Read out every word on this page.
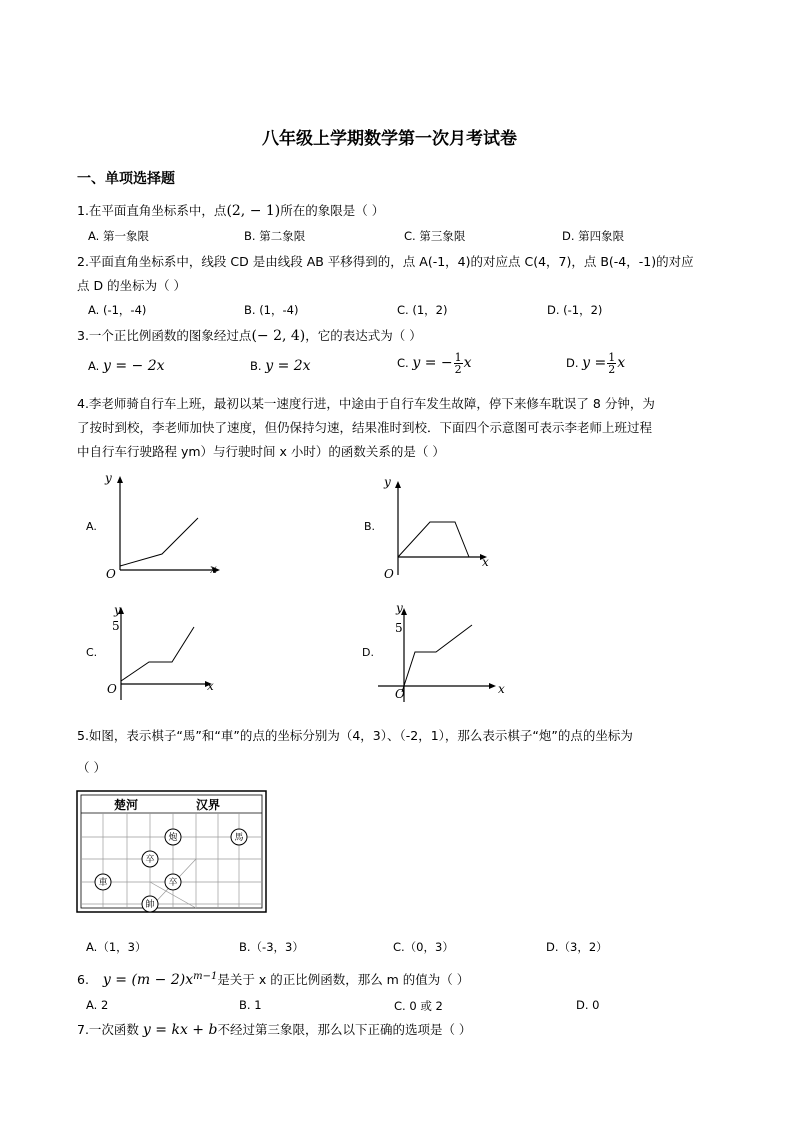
八年级上学期数学第一次月考试卷
一、单项选择题
1.在平面直角坐标系中，点(2, − 1)所在的象限是（ ）
A. 第一象限	B. 第二象限	C. 第三象限	D. 第四象限
2.平面直角坐标系中，线段 CD 是由线段 AB 平移得到的，点 A(-1，4)的对应点 C(4，7)，点 B(-4，-1)的对应
点 D 的坐标为（ ）
A. (-1，-4)	B. (1，-4)	C. (1，2)	D. (-1，2)
3.一个正比例函数的图象经过点(− 2, 4)，它的表达式为（ ）
A. y = − 2x	B. y = 2x	C. y = − $\frac{1}{2}$ x	D. $y = \frac{1}{2}$ x
4.李老师骑自行车上班，最初以某一速度行进，中途由于自行车发生故障，停下来修车耽误了 8 分钟，为
了按时到校，李老师加快了速度，但仍保持匀速，结果准时到校．下面四个示意图可表示李老师上班过程
中自行车行驶路程 ym）与行驶时间 x 小时）的函数关系的是（ ）
A.
y
x
O
B.
y
x
O
C.
y
5
x
O
D.
y
5
x
O
5.如图，表示棋子“馬”和“車”的点的坐标分别为（4，3）、（-2，1），那么表示棋子“炮”的点的坐标为
（ ）
楚河	汉界
炮	馬
卒
車	卒
帥
A.（1，3）	B.（-3，3）	C.（0，3）	D.（3，2）
6. $y = (m - 2)x^{m-1}$是关于 x 的正比例函数，那么 m 的值为（ ）
A. 2	B. 1	C. 0 或 2	D. 0
7.一次函数 y = kx + b不经过第三象限，那么以下正确的选项是（ ）
